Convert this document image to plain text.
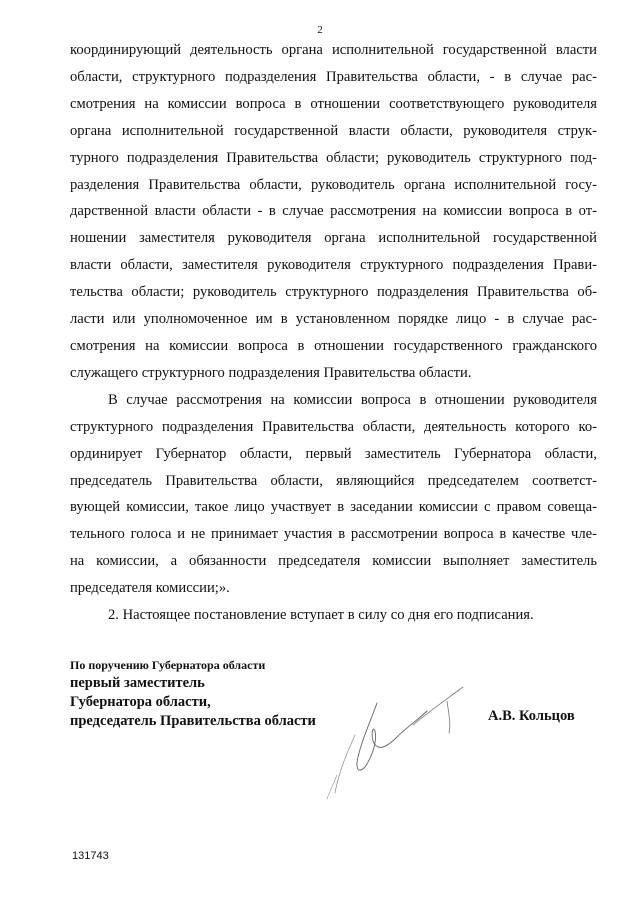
2
координирующий деятельность органа исполнительной государственной власти
области, структурного подразделения Правительства области, - в случае рас-
смотрения на комиссии вопроса в отношении соответствующего руководителя
органа исполнительной государственной власти области, руководителя струк-
турного подразделения Правительства области; руководитель структурного под-
разделения Правительства области, руководитель органа исполнительной госу-
дарственной власти области - в случае рассмотрения на комиссии вопроса в от-
ношении заместителя руководителя органа исполнительной государственной
власти области, заместителя руководителя структурного подразделения Прави-
тельства области; руководитель структурного подразделения Правительства об-
ласти или уполномоченное им в установленном порядке лицо - в случае рас-
смотрения на комиссии вопроса в отношении государственного гражданского
служащего структурного подразделения Правительства области.
В случае рассмотрения на комиссии вопроса в отношении руководителя
структурного подразделения Правительства области, деятельность которого ко-
ординирует Губернатор области, первый заместитель Губернатора области,
председатель Правительства области, являющийся председателем соответст-
вующей комиссии, такое лицо участвует в заседании комиссии с правом совеща-
тельного голоса и не принимает участия в рассмотрении вопроса в качестве чле-
на комиссии, а обязанности председателя комиссии выполняет заместитель
председателя комиссии;».
2. Настоящее постановление вступает в силу со дня его подписания.
По поручению Губернатора области
первый заместитель
Губернатора области,
председатель Правительства области	А.В. Кольцов
131743
